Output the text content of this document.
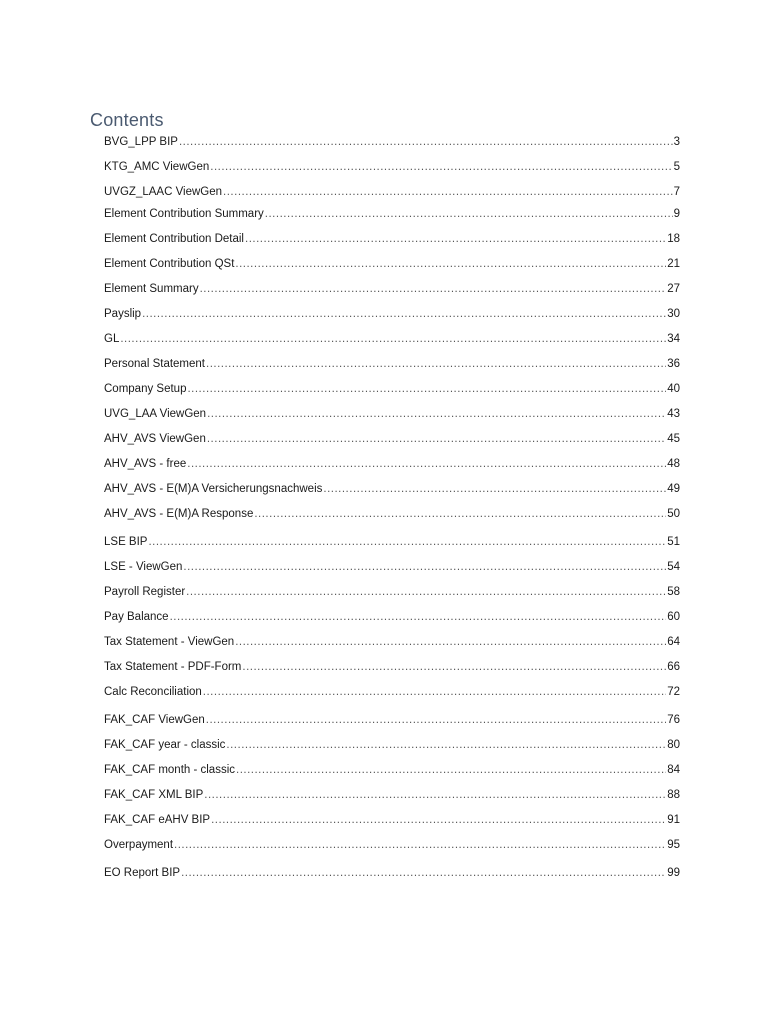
Contents
BVG_LPP BIP .....	3
KTG_AMC ViewGen .....	5
UVGZ_LAAC ViewGen .....	7
Element Contribution Summary .....	9
Element Contribution Detail .....	18
Element Contribution QSt .....	21
Element Summary .....	27
Payslip .....	30
GL .....	34
Personal Statement .....	36
Company Setup .....	40
UVG_LAA ViewGen .....	43
AHV_AVS ViewGen .....	45
AHV_AVS - free .....	48
AHV_AVS - E(M)A Versicherungsnachweis .....	49
AHV_AVS - E(M)A Response .....	50
LSE BIP .....	51
LSE - ViewGen .....	54
Payroll Register .....	58
Pay Balance .....	60
Tax Statement - ViewGen .....	64
Tax Statement - PDF-Form .....	66
Calc Reconciliation .....	72
FAK_CAF ViewGen .....	76
FAK_CAF year - classic .....	80
FAK_CAF month - classic .....	84
FAK_CAF XML BIP .....	88
FAK_CAF eAHV BIP .....	91
Overpayment .....	95
EO Report BIP .....	99
